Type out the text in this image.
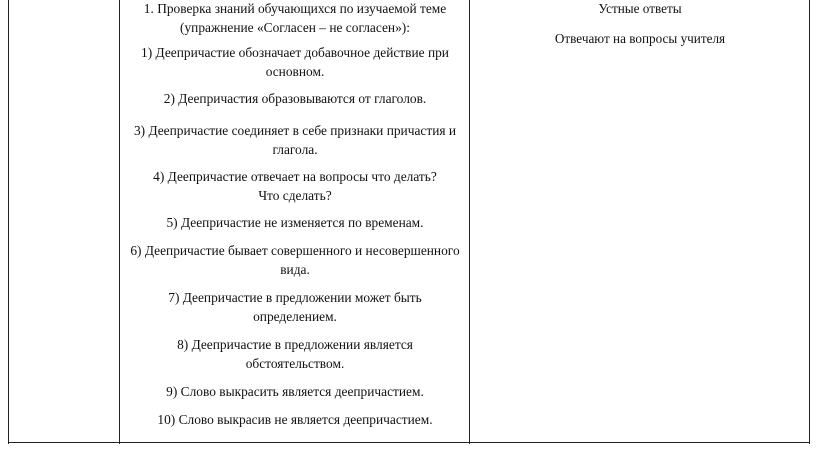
1. Проверка знаний обучающихся по изучаемой теме (упражнение «Согласен – не согласен»):
1) Деепричастие обозначает добавочное действие при основном.
2) Деепричастия образовываются от глаголов.
3) Деепричастие соединяет в себе признаки причастия и глагола.
4) Деепричастие отвечает на вопросы что делать? Что сделать?
5) Деепричастие не изменяется по временам.
6) Деепричастие бывает совершенного и несовершенного вида.
7) Деепричастие в предложении может быть определением.
8) Деепричастие в предложении является обстоятельством.
9) Слово выкрасить является деепричастием.
10) Слово выкрасив не является деепричастием.
Устные ответы
Отвечают на вопросы учителя
